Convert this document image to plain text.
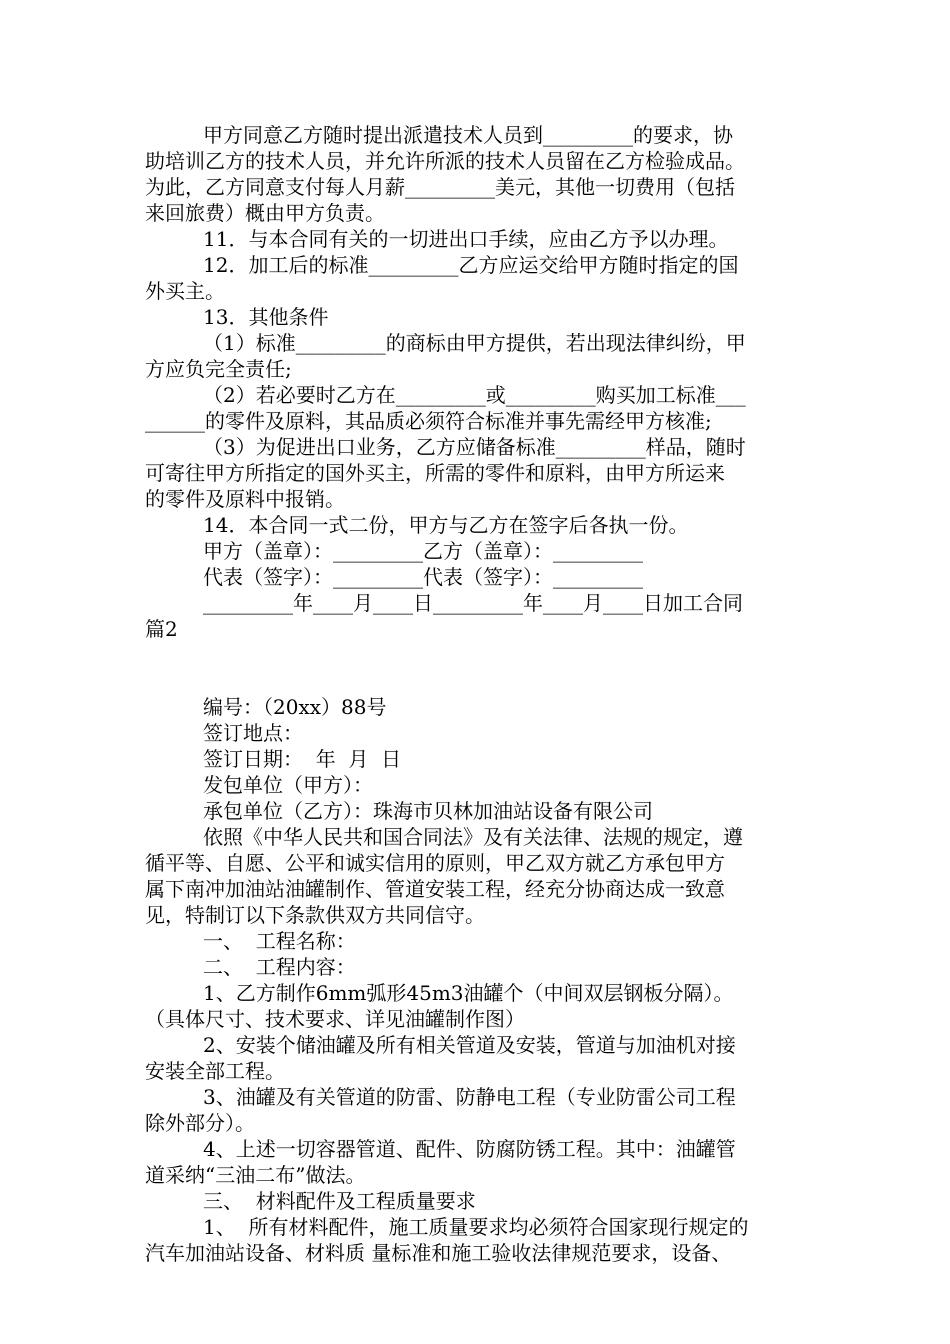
甲方同意乙方随时提出派遣技术人员到_________的要求，协

助培训乙方的技术人员，并允许所派的技术人员留在乙方检验成品。

为此，乙方同意支付每人月薪_________美元，其他一切费用（包括

来回旅费）概由甲方负责。

11．与本合同有关的一切进出口手续，应由乙方予以办理。

12．加工后的标准_________乙方应运交给甲方随时指定的国

外买主。

13．其他条件

（1）标准_________的商标由甲方提供，若出现法律纠纷，甲

方应负完全责任;

（2）若必要时乙方在_________或_________购买加工标准___

______的零件及原料，其品质必须符合标准并事先需经甲方核准;

（3）为促进出口业务，乙方应储备标准_________样品，随时

可寄往甲方所指定的国外买主，所需的零件和原料，由甲方所运来

的零件及原料中报销。

14．本合同一式二份，甲方与乙方在签字后各执一份。

甲方（盖章）：_________乙方（盖章）：_________

代表（签字）：_________代表（签字）：_________

_________年____月____日_________年____月____日加工合同

篇2

编号：（20xx）88号

签订地点：

签订日期：  年  月  日

发包单位（甲方）：

承包单位（乙方）：珠海市贝林加油站设备有限公司

依照《中华人民共和国合同法》及有关法律、法规的规定，遵

循平等、自愿、公平和诚实信用的原则，甲乙双方就乙方承包甲方

属下南冲加油站油罐制作、管道安装工程，经充分协商达成一致意

见，特制订以下条款供双方共同信守。

一、  工程名称：

二、  工程内容：

1、乙方制作6mm弧形45m3油罐个（中间双层钢板分隔）。

（具体尺寸、技术要求、详见油罐制作图）

2、安装个储油罐及所有相关管道及安装，管道与加油机对接

安装全部工程。

3、油罐及有关管道的防雷、防静电工程（专业防雷公司工程

除外部分）。

4、上述一切容器管道、配件、防腐防锈工程。其中：油罐管

道采纳“三油二布”做法。

三、  材料配件及工程质量要求

1、  所有材料配件，施工质量要求均必须符合国家现行规定的

汽车加油站设备、材料质 量标准和施工验收法律规范要求，设备、
